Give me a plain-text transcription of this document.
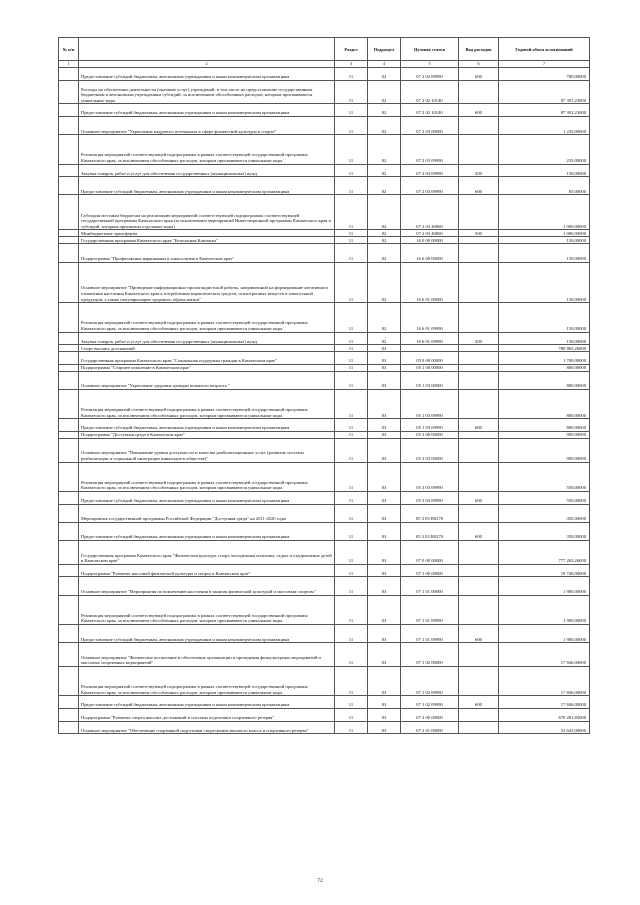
№ п/п		Раздел	Подраздел	Целевая статья	Вид расходов	Годовой объем ассигнований
1	2	3	4	5	6	7
	Предоставление субсидий бюджетным, автономным учреждениям и иным некоммерческим организациям	11	02	07 2 02 09990	600	780,00000
	Расходы на обеспечение деятельности (оказание услуг) учреждений, в том числе на предоставление государственным бюджетным и автономным учреждениям субсидий, за исключением обособленных расходов, которым присваиваются уникальные коды	11	02	07 2 02 10140		87 391,23000
	Предоставление субсидий бюджетным, автономным учреждениям и иным некоммерческим организациям	11	02	07 2 02 10140	600	87 391,23000
	Основное мероприятие "Укрепление кадрового потенциала в сфере физической культуры и спорта"	11	02	07 2 03 00000		1 235,00000
	Реализация мероприятий соответствующей подпрограммы в рамках соответствующей государственной программы Камчатского края, за исключением обособленных расходов, которым присваиваются уникальные коды	11	02	07 2 03 09990		235,00000
	Закупка товаров, работ и услуг для обеспечения государственных (муниципальных) нужд	11	02	07 2 03 09990	200	150,00000
	Предоставление субсидий бюджетным, автономным учреждениям и иным некоммерческим организациям	11	02	07 2 03 09990	600	85,00000
	Субсидии местным бюджетам на реализацию мероприятий соответствующей подпрограммы соответствующей государственной программы Камчатского края (за исключением мероприятий Инвестиционной программы Камчатского края и субсидий, которым присвоены отдельные коды)	11	02	07 2 03 40060		1 000,00000
	Межбюджетные трансферты	11	02	07 2 03 40060	500	1 000,00000
	Государственная программа Камчатского края "Безопасная Камчатка"	11	02	16 0 00 00000		150,00000
	Подпрограмма "Профилактика наркомании и алкоголизма в Камчатском крае"	11	02	16 6 00 00000		150,00000
	Основное мероприятие "Проведение информационно-пропагандистской работы, направленной на формирование негативного отношения населения Камчатского края к потреблению наркотических средств, психотропных веществ и алкогольной продукции, а также популяризацию здорового образа жизни"	11	02	16 6 01 00000		150,00000
	Реализация мероприятий соответствующей подпрограммы в рамках соответствующей государственной программы Камчатского края, за исключением обособленных расходов, которым присваиваются уникальные коды	11	02	16 6 01 09990		150,00000
	Закупка товаров, работ и услуг для обеспечения государственных (муниципальных) нужд	11	02	16 6 01 09990	200	150,00000
	Спорт высших достижений	11	03			780 865,26000
	Государственная программа Камчатского края "Социальная поддержка граждан в Камчатском крае"	11	03	05 0 00 00000		1 700,00000
	Подпрограмма "Старшее поколение в Камчатском крае"	11	03	05 1 00 00000		800,00000
	Основное мероприятие "Укрепление здоровья граждан пожилого возраста "	11	03	05 1 03 00000		800,00000
	Реализация мероприятий соответствующей подпрограммы в рамках соответствующей государственной программы Камчатского края, за исключением обособленных расходов, которым присваиваются уникальные коды	11	03	05 1 03 09990		800,00000
	Предоставление субсидий бюджетным, автономным учреждениям и иным некоммерческим организациям	11	03	05 1 03 09990	600	800,00000
	Подпрограмма "Доступная среда в Камчатском крае"	11	03	05 3 00 00000		900,00000
	Основное мероприятие "Повышение уровня доступности и качества реабилитационных услуг (развитие системы реабилитации и социальной интеграции инвалидов в обществе)"	11	03	05 3 03 00000		900,00000
	Реализация мероприятий соответствующей подпрограммы в рамках соответствующей государственной программы Камчатского края, за исключением обособленных расходов, которым присваиваются уникальные коды	11	03	05 3 03 09990		550,00000
	Предоставление субсидий бюджетным, автономным учреждениям и иным некоммерческим организациям	11	03	05 3 03 09990	600	550,00000
	Мероприятия государственной программы Российской Федерации "Доступная среда" на 2011-2020 годы	11	03	05 3 03 R0270		350,00000
	Предоставление субсидий бюджетным, автономным учреждениям и иным некоммерческим организациям	11	03	05 3 03 R0270	600	350,00000
	Государственная программа Камчатского края "Физическая культура, спорт, молодежная политика, отдых и оздоровление детей в Камчатском крае"	11	03	07 0 00 00000		777 265,26000
	Подпрограмма "Развитие массовой физической культуры и спорта в Камчатском крае"	11	03	07 1 00 00000		19 746,00000
	Основное мероприятие "Мероприятия по вовлечению населения в занятия физической культурой и массовым спортом"	11	03	07 1 01 00000		1 900,00000
	Реализация мероприятий соответствующей подпрограммы в рамках соответствующей государственной программы Камчатского края, за исключением обособленных расходов, которым присваиваются уникальные коды	11	03	07 1 01 09990		1 900,00000
	Предоставление субсидий бюджетным, автономным учреждениям и иным некоммерческим организациям	11	03	07 1 01 09990	600	1 900,00000
	Основное мероприятие "Физическое воспитание и обеспечение организации и проведения физкультурных мероприятий и массовых спортивных мероприятий"	11	03	07 1 02 00000		17 846,00000
	Реализация мероприятий соответствующей подпрограммы в рамках соответствующей государственной программы Камчатского края, за исключением обособленных расходов, которым присваиваются уникальные коды	11	03	07 1 02 09990		17 846,00000
	Предоставление субсидий бюджетным, автономным учреждениям и иным некоммерческим организациям	11	03	07 1 02 09990	600	17 846,00000
	Подпрограмма "Развитие спорта высших достижений и системы подготовки спортивного резерва"	11	03	07 2 00 00000		670 281,85000
	Основное мероприятие "Обеспечение спортивной подготовки спортсменов высокого класса и спортивного резерва"	11	03	07 2 01 00000		52 645,00000
72
